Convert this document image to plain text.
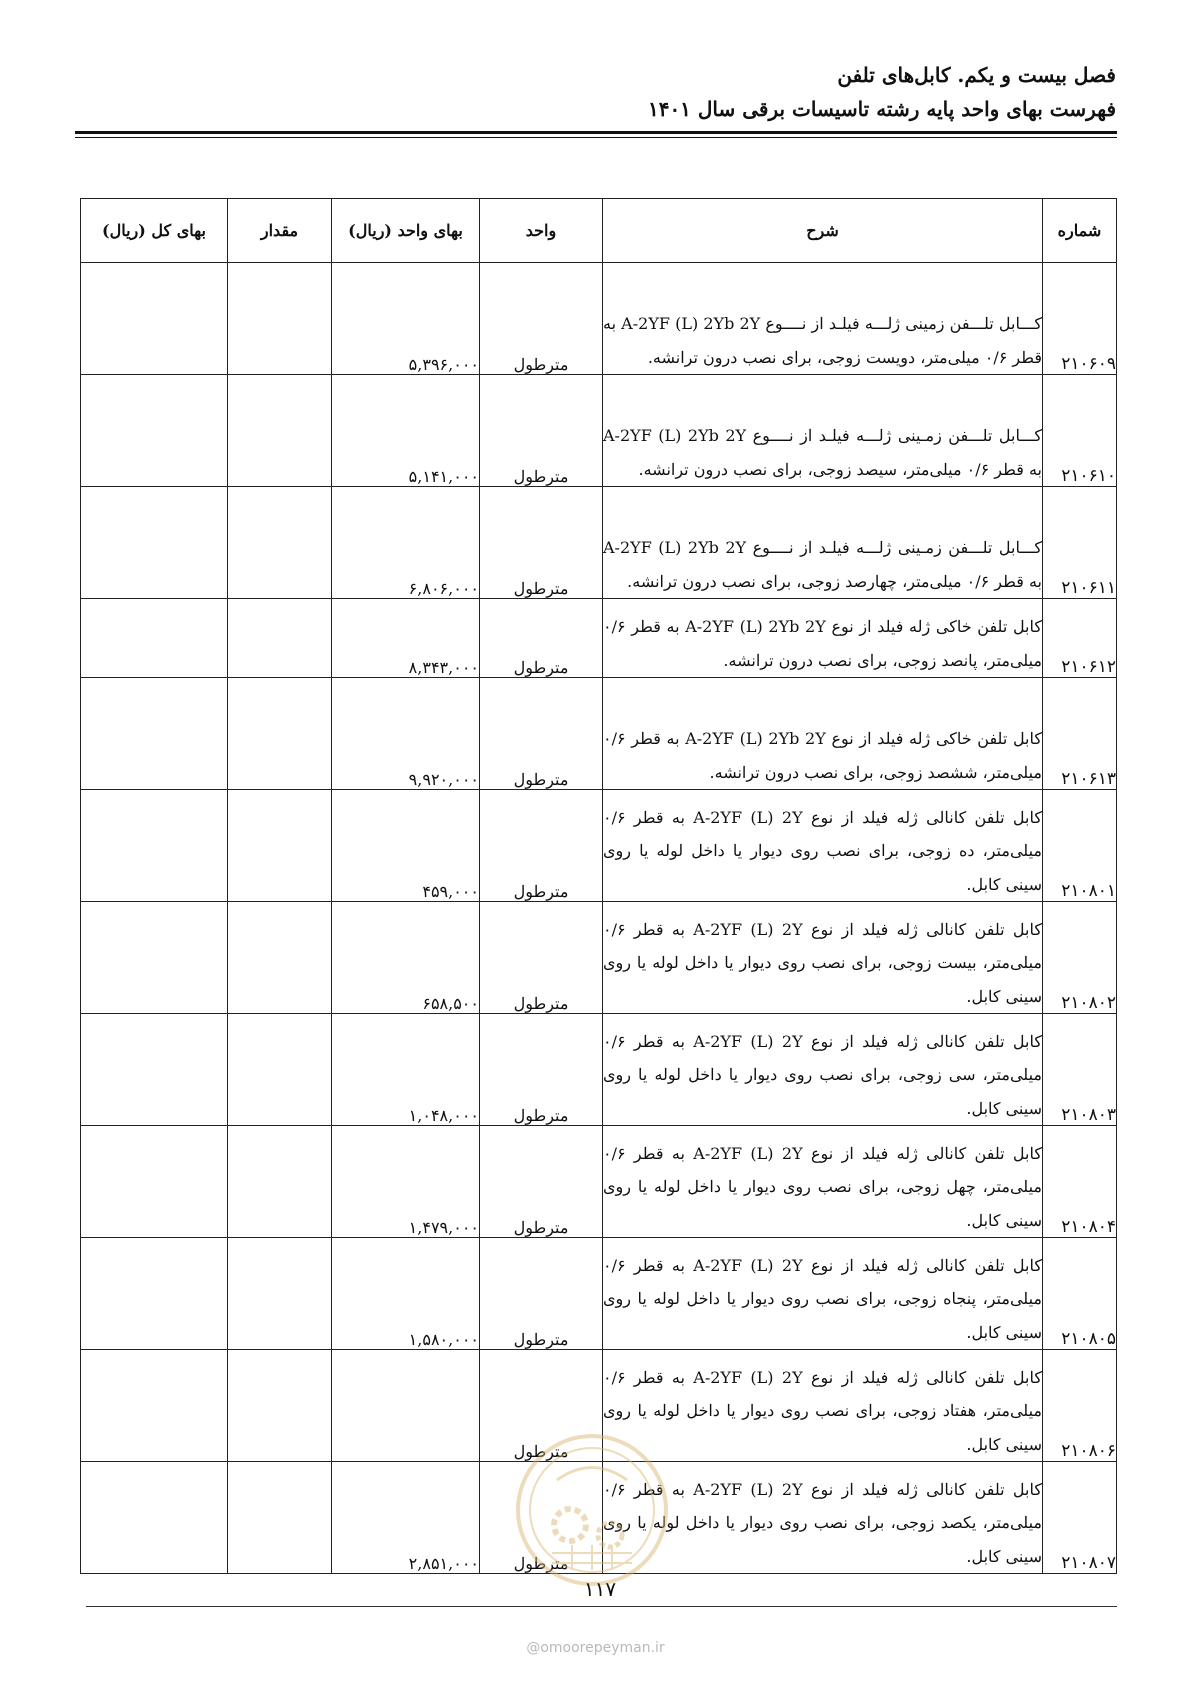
فصل بیست و یکم. کابل‌های تلفن
فهرست بهای واحد پایه رشته تاسیسات برقی سال ۱۴۰۱
شماره	شرح	واحد	بهای واحد (ریال)	مقدار	بهای کل (ریال)
۲۱۰۶۰۹	کـــابل تلـــفن زمینی ژلـــه فیلـد از نــــوع A-2YF (L) 2Yb 2Y به قطر ۰/۶ میلی‌متر، دویست زوجی، برای نصب درون ترانشه.	مترطول	۵,۳۹۶,۰۰۰		
۲۱۰۶۱۰	کـــابل تلـــفن زمـینی ژلـــه فیلـد از نــــوع A-2YF (L) 2Yb 2Y به قطر ۰/۶ میلی‌متر، سیصد زوجی، برای نصب درون ترانشه.	مترطول	۵,۱۴۱,۰۰۰		
۲۱۰۶۱۱	کـــابل تلـــفن زمـینی ژلـــه فیلـد از نــــوع A-2YF (L) 2Yb 2Y به قطر ۰/۶ میلی‌متر، چهارصد زوجی، برای نصب درون ترانشه.	مترطول	۶,۸۰۶,۰۰۰		
۲۱۰۶۱۲	کابل تلفن خاکی ژله فیلد از نوع A-2YF (L) 2Yb 2Y به قطر ۰/۶ میلی‌متر، پانصد زوجی، برای نصب درون ترانشه.	مترطول	۸,۳۴۳,۰۰۰		
۲۱۰۶۱۳	کابل تلفن خاکی ژله فیلد از نوع A-2YF (L) 2Yb 2Y به قطر ۰/۶ میلی‌متر، ششصد زوجی، برای نصب درون ترانشه.	مترطول	۹,۹۲۰,۰۰۰		
۲۱۰۸۰۱	کابل تلفن کانالی ژله فیلد از نوع A-2YF (L) 2Y به قطر ۰/۶ میلی‌متر، ده زوجی، برای نصب روی دیوار یا داخل لوله یا روی سینی کابل.	مترطول	۴۵۹,۰۰۰		
۲۱۰۸۰۲	کابل تلفن کانالی ژله فیلد از نوع A-2YF (L) 2Y به قطر ۰/۶ میلی‌متر، بیست زوجی، برای نصب روی دیوار یا داخل لوله یا روی سینی کابل.	مترطول	۶۵۸,۵۰۰		
۲۱۰۸۰۳	کابل تلفن کانالی ژله فیلد از نوع A-2YF (L) 2Y به قطر ۰/۶ میلی‌متر، سی زوجی، برای نصب روی دیوار یا داخل لوله یا روی سینی کابل.	مترطول	۱,۰۴۸,۰۰۰		
۲۱۰۸۰۴	کابل تلفن کانالی ژله فیلد از نوع A-2YF (L) 2Y به قطر ۰/۶ میلی‌متر، چهل زوجی، برای نصب روی دیوار یا داخل لوله یا روی سینی کابل.	مترطول	۱,۴۷۹,۰۰۰		
۲۱۰۸۰۵	کابل تلفن کانالی ژله فیلد از نوع A-2YF (L) 2Y به قطر ۰/۶ میلی‌متر، پنجاه زوجی، برای نصب روی دیوار یا داخل لوله یا روی سینی کابل.	مترطول	۱,۵۸۰,۰۰۰		
۲۱۰۸۰۶	کابل تلفن کانالی ژله فیلد از نوع A-2YF (L) 2Y به قطر ۰/۶ میلی‌متر، هفتاد زوجی، برای نصب روی دیوار یا داخل لوله یا روی سینی کابل.	مترطول			
۲۱۰۸۰۷	کابل تلفن کانالی ژله فیلد از نوع A-2YF (L) 2Y به قطر ۰/۶ میلی‌متر، یکصد زوجی، برای نصب روی دیوار یا داخل لوله یا روی سینی کابل.	مترطول	۲,۸۵۱,۰۰۰		
۱۱۷
@omoorepeyman.ir
